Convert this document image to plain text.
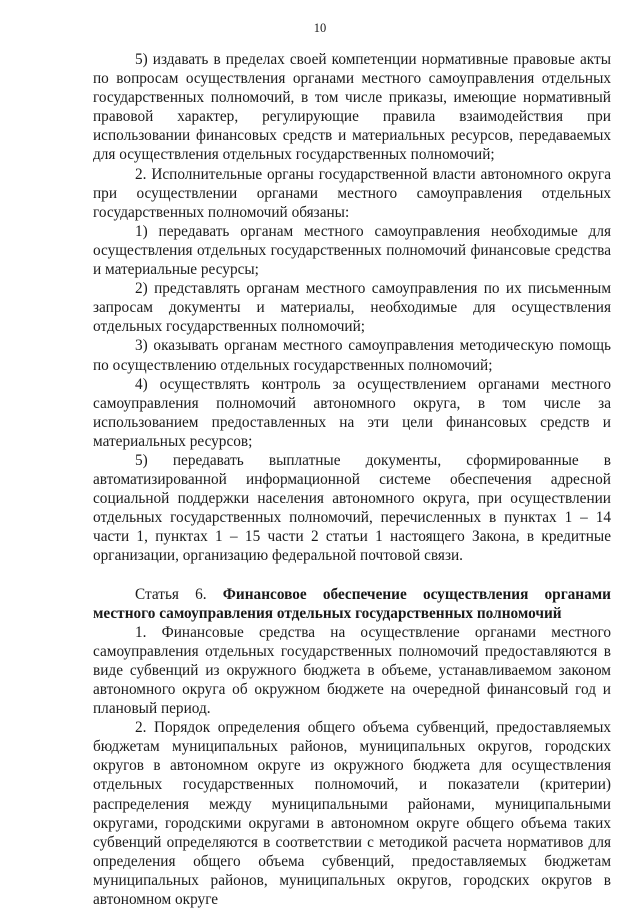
10

5) издавать в пределах своей компетенции нормативные правовые акты по вопросам осуществления органами местного самоуправления отдельных государственных полномочий, в том числе приказы, имеющие нормативный правовой характер, регулирующие правила взаимодействия при использовании финансовых средств и материальных ресурсов, передаваемых для осуществления отдельных государственных полномочий;

2. Исполнительные органы государственной власти автономного округа при осуществлении органами местного самоуправления отдельных государственных полномочий обязаны:

1) передавать органам местного самоуправления необходимые для осуществления отдельных государственных полномочий финансовые средства и материальные ресурсы;

2) представлять органам местного самоуправления по их письменным запросам документы и материалы, необходимые для осуществления отдельных государственных полномочий;

3) оказывать органам местного самоуправления методическую помощь по осуществлению отдельных государственных полномочий;

4) осуществлять контроль за осуществлением органами местного самоуправления полномочий автономного округа, в том числе за использованием предоставленных на эти цели финансовых средств и материальных ресурсов;

5) передавать выплатные документы, сформированные в автоматизированной информационной системе обеспечения адресной социальной поддержки населения автономного округа, при осуществлении отдельных государственных полномочий, перечисленных в пунктах 1 – 14 части 1, пунктах 1 – 15 части 2 статьи 1 настоящего Закона, в кредитные организации, организацию федеральной почтовой связи.

Статья 6. Финансовое обеспечение осуществления органами местного самоуправления отдельных государственных полномочий

1. Финансовые средства на осуществление органами местного самоуправления отдельных государственных полномочий предоставляются в виде субвенций из окружного бюджета в объеме, устанавливаемом законом автономного округа об окружном бюджете на очередной финансовый год и плановый период.

2. Порядок определения общего объема субвенций, предоставляемых бюджетам муниципальных районов, муниципальных округов, городских округов в автономном округе из окружного бюджета для осуществления отдельных государственных полномочий, и показатели (критерии) распределения между муниципальными районами, муниципальными округами, городскими округами в автономном округе общего объема таких субвенций определяются в соответствии с методикой расчета нормативов для определения общего объема субвенций, предоставляемых бюджетам муниципальных районов, муниципальных округов, городских округов в автономном округе
